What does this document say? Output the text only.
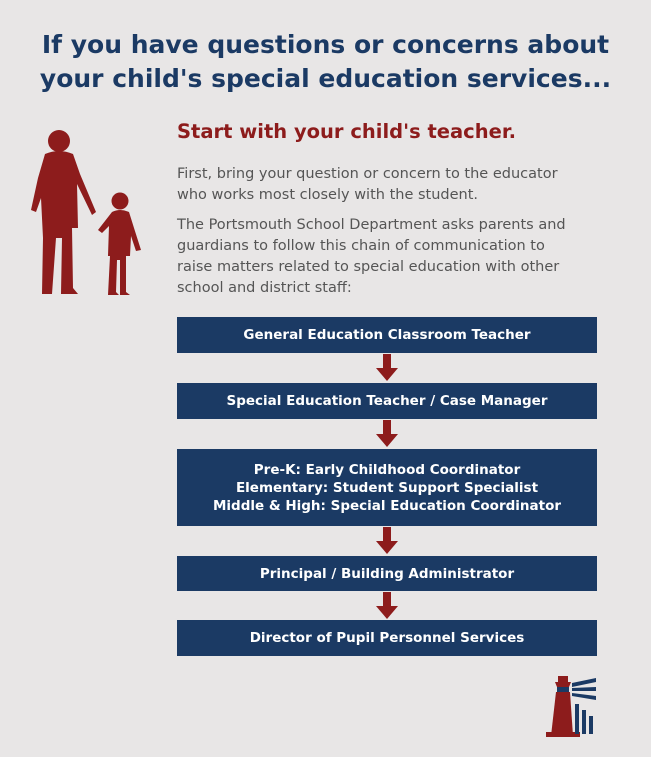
If you have questions or concerns about
your child's special education services...
Start with your child's teacher.

First, bring your question or concern to the educator
who works most closely with the student.

The Portsmouth School Department asks parents and
guardians to follow this chain of communication to
raise matters related to special education with other
school and district staff:

General Education Classroom Teacher
Special Education Teacher / Case Manager
Pre-K: Early Childhood Coordinator
Elementary: Student Support Specialist
Middle & High: Special Education Coordinator
Principal / Building Administrator
Director of Pupil Personnel Services
